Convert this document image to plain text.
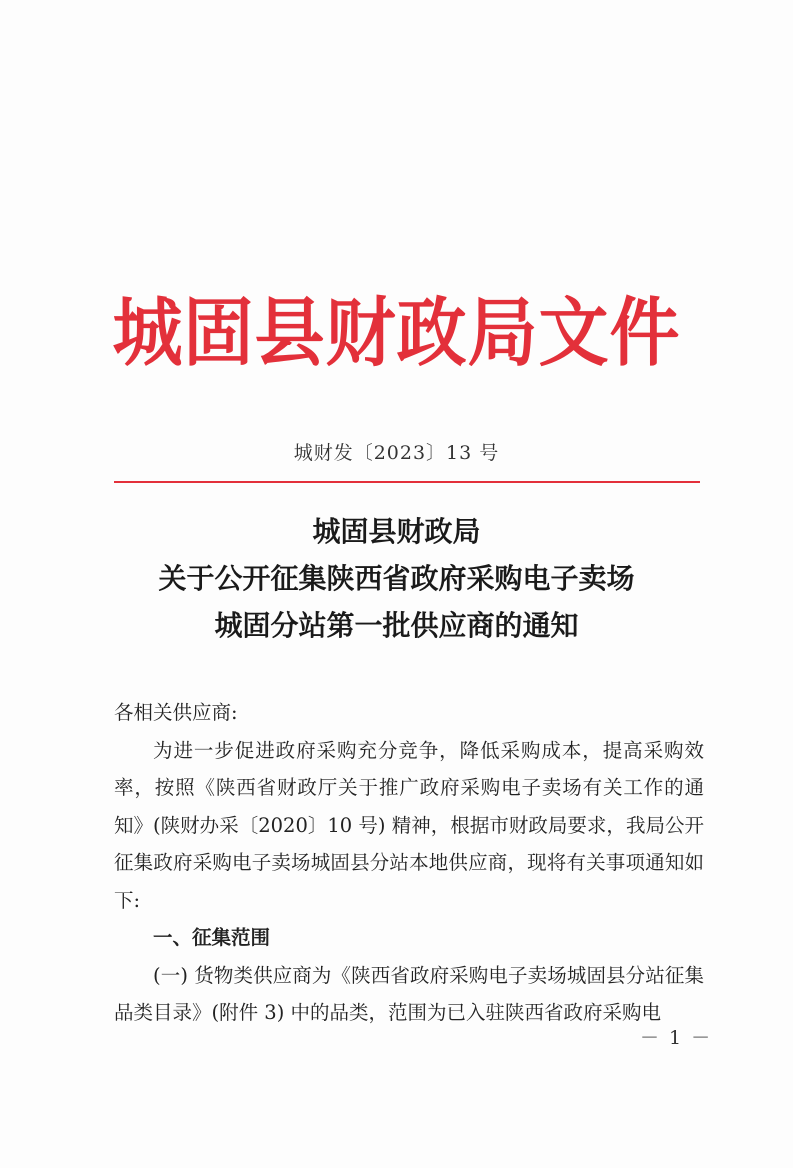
城固县财政局文件
城财发〔2023〕13 号
城固县财政局
关于公开征集陕西省政府采购电子卖场
城固分站第一批供应商的通知

各相关供应商:

为进一步促进政府采购充分竞争，降低采购成本，提高采购效率，按照《陕西省财政厅关于推广政府采购电子卖场有关工作的通知》(陕财办采〔2020〕10 号) 精神，根据市财政局要求，我局公开征集政府采购电子卖场城固县分站本地供应商，现将有关事项通知如下:

一、征集范围

(一) 货物类供应商为《陕西省政府采购电子卖场城固县分站征集品类目录》(附件 3) 中的品类，范围为已入驻陕西省政府采购电

－ 1 －
